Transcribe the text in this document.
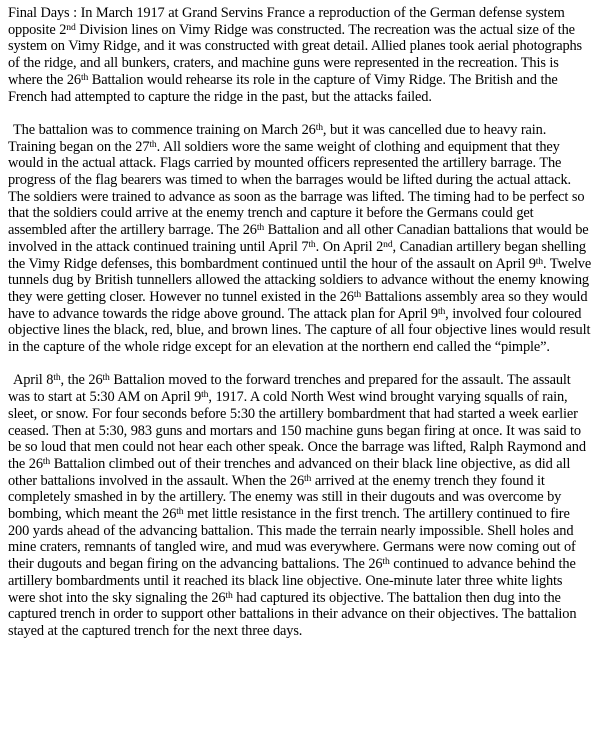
Final Days : In March 1917 at Grand Servins France a reproduction of the German defense system opposite 2nd Division lines on Vimy Ridge was constructed. The recreation was the actual size of the system on Vimy Ridge, and it was constructed with great detail. Allied planes took aerial photographs of the ridge, and all bunkers, craters, and machine guns were represented in the recreation. This is where the 26th Battalion would rehearse its role in the capture of Vimy Ridge. The British and the French had attempted to capture the ridge in the past, but the attacks failed.

The battalion was to commence training on March 26th, but it was cancelled due to heavy rain. Training began on the 27th. All soldiers wore the same weight of clothing and equipment that they would in the actual attack. Flags carried by mounted officers represented the artillery barrage. The progress of the flag bearers was timed to when the barrages would be lifted during the actual attack. The soldiers were trained to advance as soon as the barrage was lifted. The timing had to be perfect so that the soldiers could arrive at the enemy trench and capture it before the Germans could get assembled after the artillery barrage. The 26th Battalion and all other Canadian battalions that would be involved in the attack continued training until April 7th. On April 2nd, Canadian artillery began shelling the Vimy Ridge defenses, this bombardment continued until the hour of the assault on April 9th. Twelve tunnels dug by British tunnellers allowed the attacking soldiers to advance without the enemy knowing they were getting closer. However no tunnel existed in the 26th Battalions assembly area so they would have to advance towards the ridge above ground. The attack plan for April 9th, involved four coloured objective lines the black, red, blue, and brown lines. The capture of all four objective lines would result in the capture of the whole ridge except for an elevation at the northern end called the “pimple”.

April 8th, the 26th Battalion moved to the forward trenches and prepared for the assault. The assault was to start at 5:30 AM on April 9th, 1917. A cold North West wind brought varying squalls of rain, sleet, or snow. For four seconds before 5:30 the artillery bombardment that had started a week earlier ceased. Then at 5:30, 983 guns and mortars and 150 machine guns began firing at once. It was said to be so loud that men could not hear each other speak. Once the barrage was lifted, Ralph Raymond and the 26th Battalion climbed out of their trenches and advanced on their black line objective, as did all other battalions involved in the assault. When the 26th arrived at the enemy trench they found it completely smashed in by the artillery. The enemy was still in their dugouts and was overcome by bombing, which meant the 26th met little resistance in the first trench. The artillery continued to fire 200 yards ahead of the advancing battalion. This made the terrain nearly impossible. Shell holes and mine craters, remnants of tangled wire, and mud was everywhere. Germans were now coming out of their dugouts and began firing on the advancing battalions. The 26th continued to advance behind the artillery bombardments until it reached its black line objective. One-minute later three white lights were shot into the sky signaling the 26th had captured its objective. The battalion then dug into the captured trench in order to support other battalions in their advance on their objectives. The battalion stayed at the captured trench for the next three days.
